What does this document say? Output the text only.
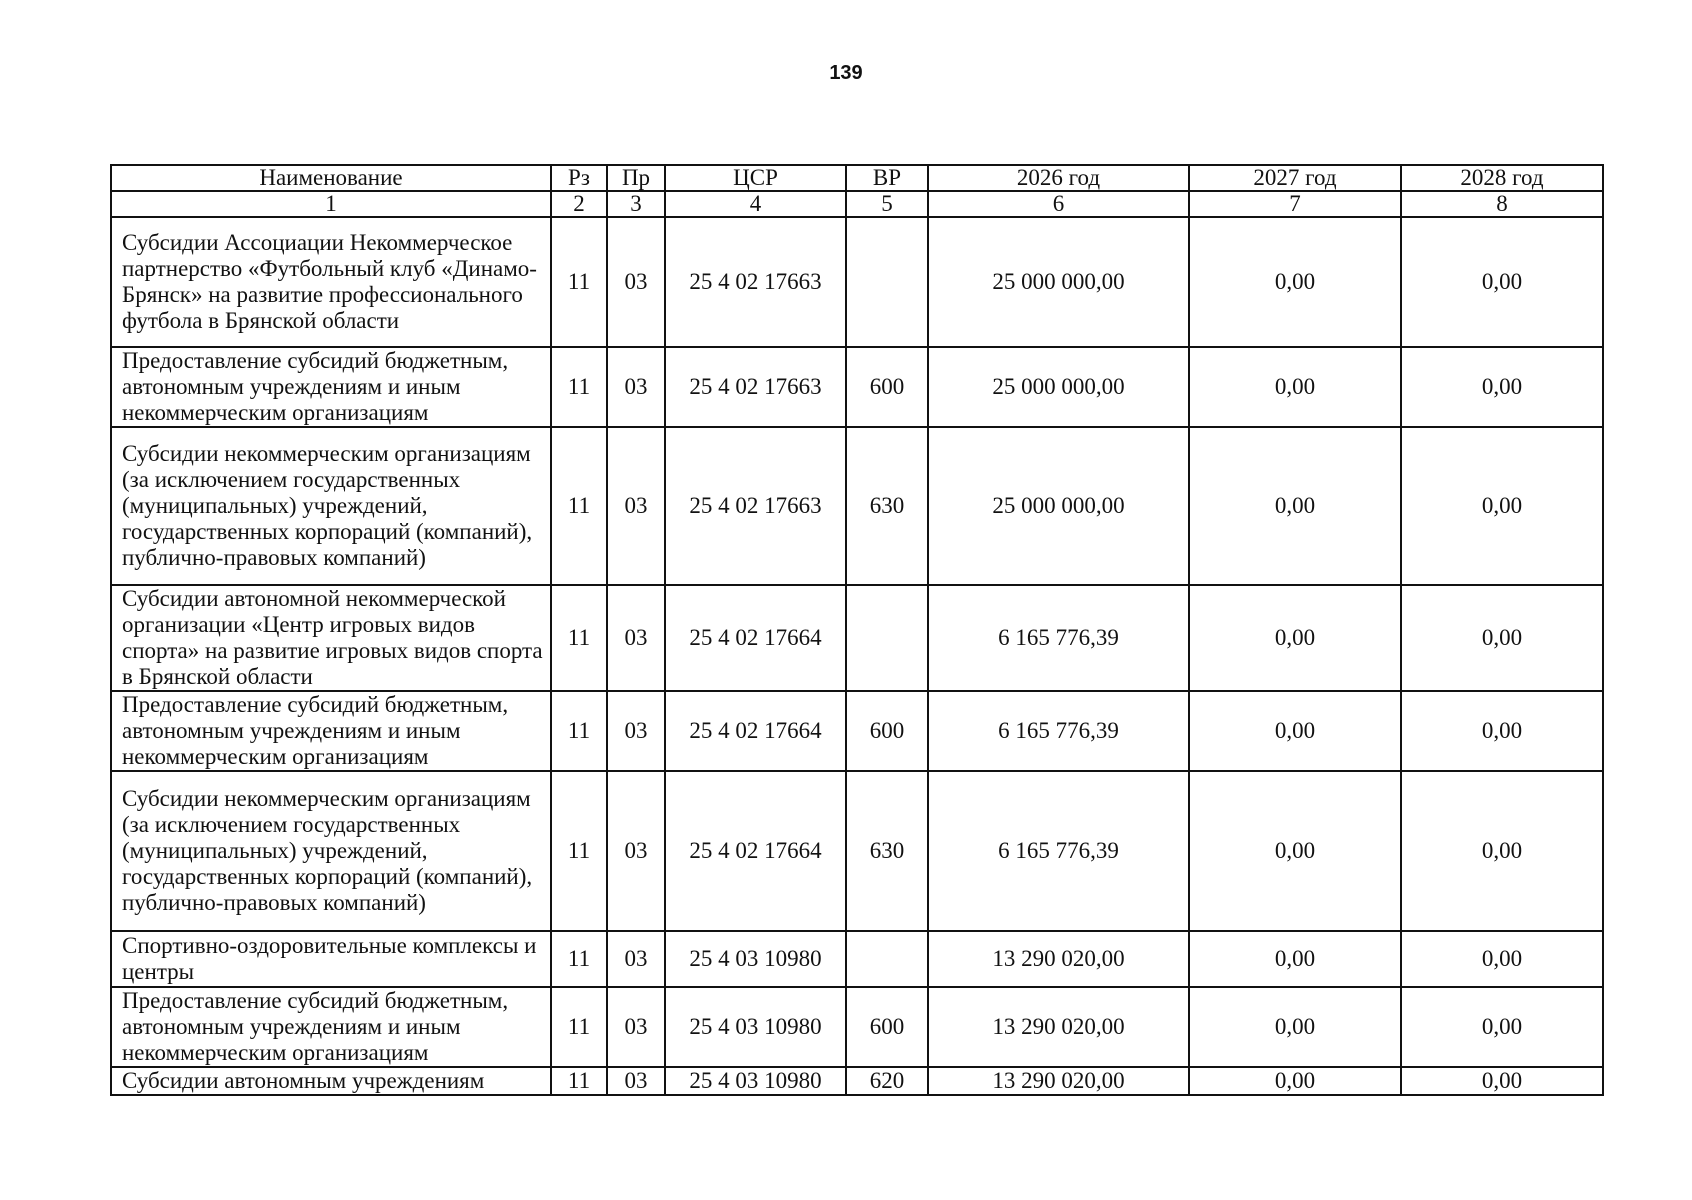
139
Наименование	Рз	Пр	ЦСР	ВР	2026 год	2027 год	2028 год
1	2	3	4	5	6	7	8
Субсидии Ассоциации Некоммерческое партнерство «Футбольный клуб «Динамо-Брянск» на развитие профессионального футбола в Брянской области	11	03	25 4 02 17663		25 000 000,00	0,00	0,00
Предоставление субсидий бюджетным, автономным учреждениям и иным некоммерческим организациям	11	03	25 4 02 17663	600	25 000 000,00	0,00	0,00
Субсидии некоммерческим организациям (за исключением государственных (муниципальных) учреждений, государственных корпораций (компаний), публично-правовых компаний)	11	03	25 4 02 17663	630	25 000 000,00	0,00	0,00
Субсидии автономной некоммерческой организации «Центр игровых видов спорта» на развитие игровых видов спорта в Брянской области	11	03	25 4 02 17664		6 165 776,39	0,00	0,00
Предоставление субсидий бюджетным, автономным учреждениям и иным некоммерческим организациям	11	03	25 4 02 17664	600	6 165 776,39	0,00	0,00
Субсидии некоммерческим организациям (за исключением государственных (муниципальных) учреждений, государственных корпораций (компаний), публично-правовых компаний)	11	03	25 4 02 17664	630	6 165 776,39	0,00	0,00
Спортивно-оздоровительные комплексы и центры	11	03	25 4 03 10980		13 290 020,00	0,00	0,00
Предоставление субсидий бюджетным, автономным учреждениям и иным некоммерческим организациям	11	03	25 4 03 10980	600	13 290 020,00	0,00	0,00
Субсидии автономным учреждениям	11	03	25 4 03 10980	620	13 290 020,00	0,00	0,00
